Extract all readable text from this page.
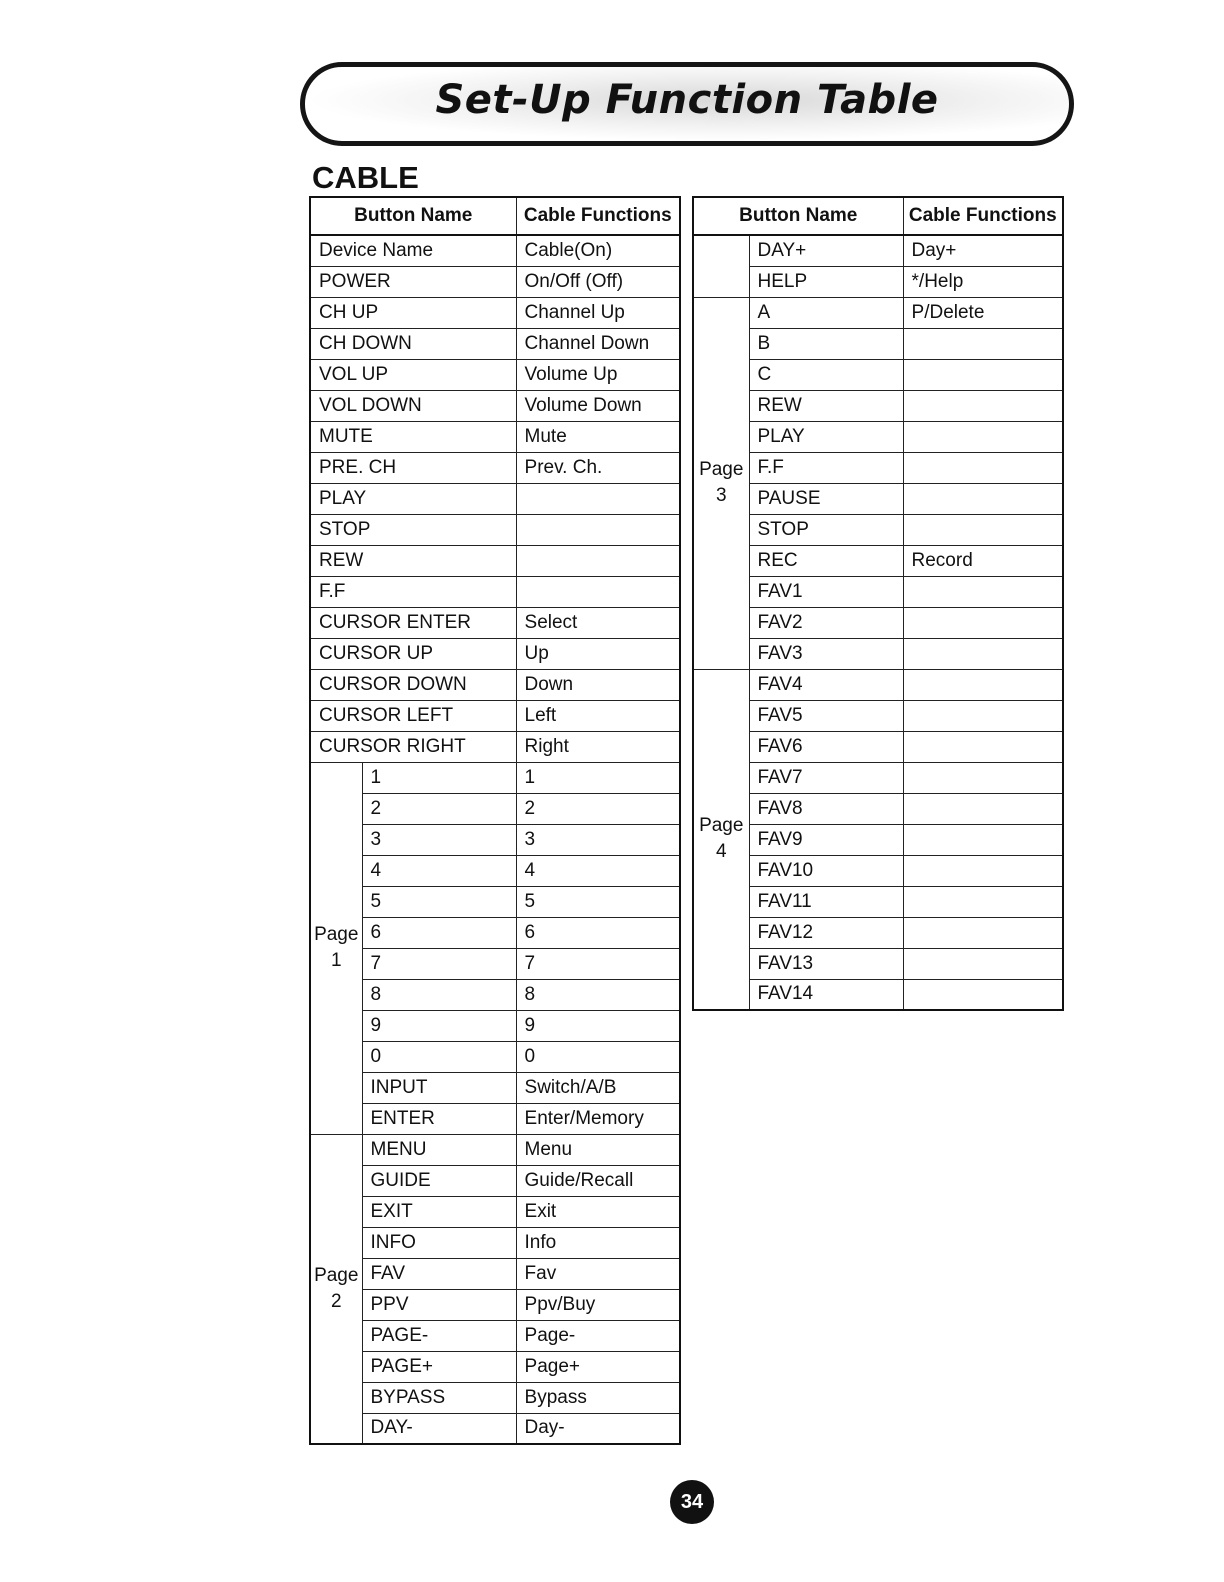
Set-Up Function Table
CABLE
Button Name		Cable Functions
Device Name		Cable(On)
POWER		On/Off (Off)
CH UP		Channel Up
CH DOWN		Channel Down
VOL UP		Volume Up
VOL DOWN		Volume Down
MUTE		Mute
PRE. CH		Prev. Ch.
PLAY		
STOP		
REW		
F.F		
CURSOR ENTER		Select
CURSOR UP		Up
CURSOR DOWN		Down
CURSOR LEFT		Left
CURSOR RIGHT		Right
Page 1	1	1
	2	2
	3	3
	4	4
	5	5
	6	6
	7	7
	8	8
	9	9
	0	0
	INPUT	Switch/A/B
	ENTER	Enter/Memory
Page 2	MENU	Menu
	GUIDE	Guide/Recall
	EXIT	Exit
	INFO	Info
	FAV	Fav
	PPV	Ppv/Buy
	PAGE-	Page-
	PAGE+	Page+
	BYPASS	Bypass
	DAY-	Day-
Button Name		Cable Functions
	DAY+	Day+
	HELP	*/Help
Page 3	A	P/Delete
	B	
	C	
	REW	
	PLAY	
	F.F	
	PAUSE	
	STOP	
	REC	Record
	FAV1	
	FAV2	
	FAV3	
Page 4	FAV4	
	FAV5	
	FAV6	
	FAV7	
	FAV8	
	FAV9	
	FAV10	
	FAV11	
	FAV12	
	FAV13	
	FAV14	
34
